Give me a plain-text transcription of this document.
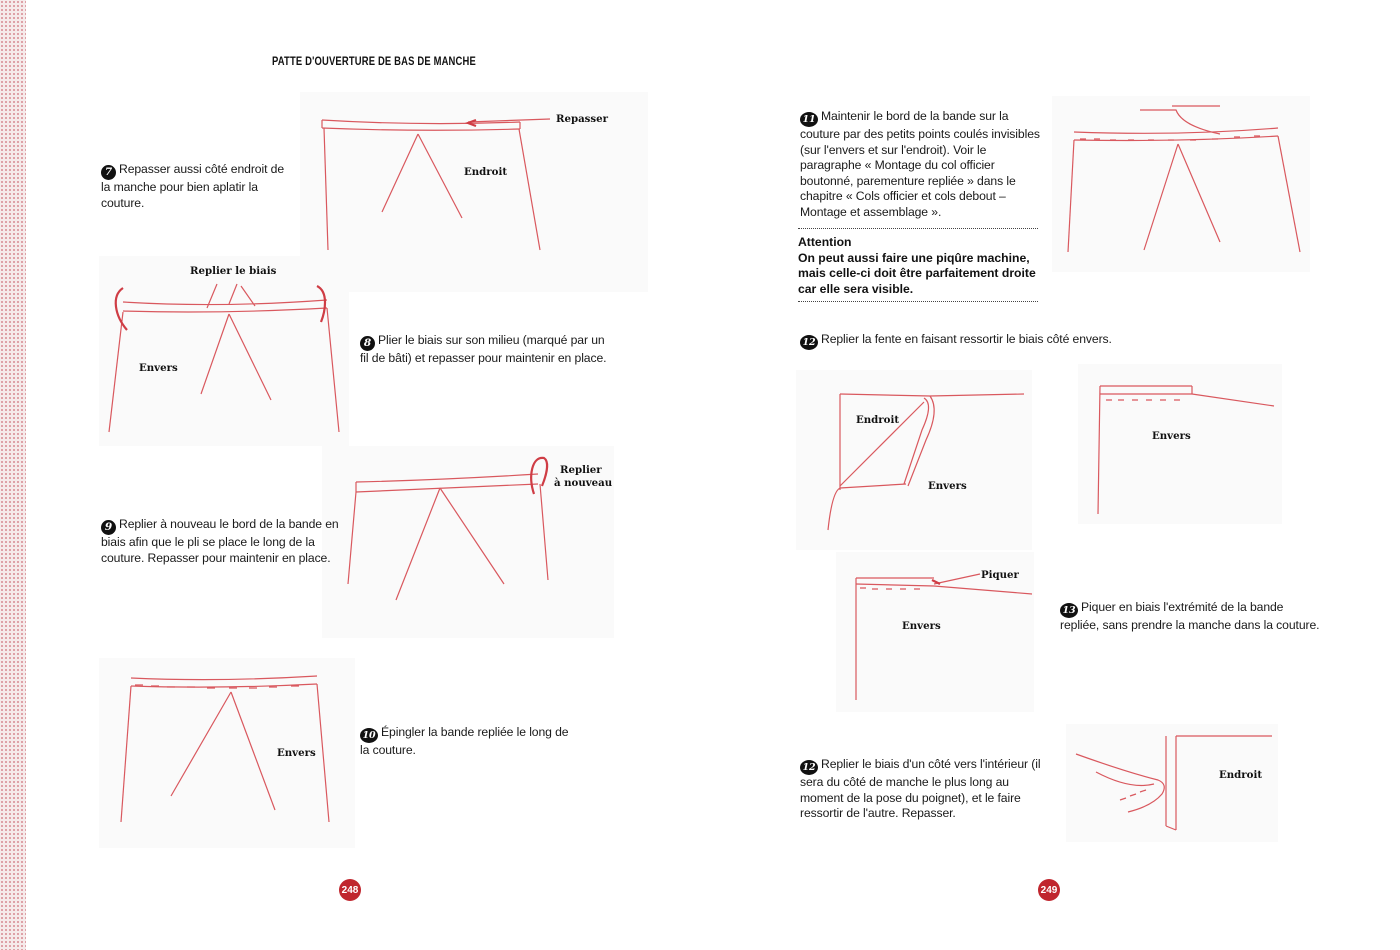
PATTE D'OUVERTURE DE BAS DE MANCHE
Repasser
Endroit
7 Repasser aussi côté endroit de la manche pour bien aplatir la couture.
Replier le biais
Envers
8 Plier le biais sur son milieu (marqué par un fil de bâti) et repasser pour maintenir en place.
Replier
à nouveau
9 Replier à nouveau le bord de la bande en biais afin que le pli se place le long de la couture. Repasser pour maintenir en place.
Envers
10 Épingler la bande repliée le long de la couture.
248
11 Maintenir le bord de la bande sur la couture par des petits points coulés invisibles (sur l'envers et sur l'endroit). Voir le paragraphe « Montage du col officier boutonné, parementure repliée » dans le chapitre « Cols officier et cols debout – Montage et assemblage ».
Attention
On peut aussi faire une piqûre machine, mais celle-ci doit être parfaitement droite car elle sera visible.
12 Replier la fente en faisant ressortir le biais côté envers.
Endroit
Envers
Envers
Piquer
Envers
13 Piquer en biais l'extrémité de la bande repliée, sans prendre la manche dans la couture.
12 Replier le biais d'un côté vers l'intérieur (il sera du côté de manche le plus long au moment de la pose du poignet), et le faire ressortir de l'autre. Repasser.
Endroit
249
